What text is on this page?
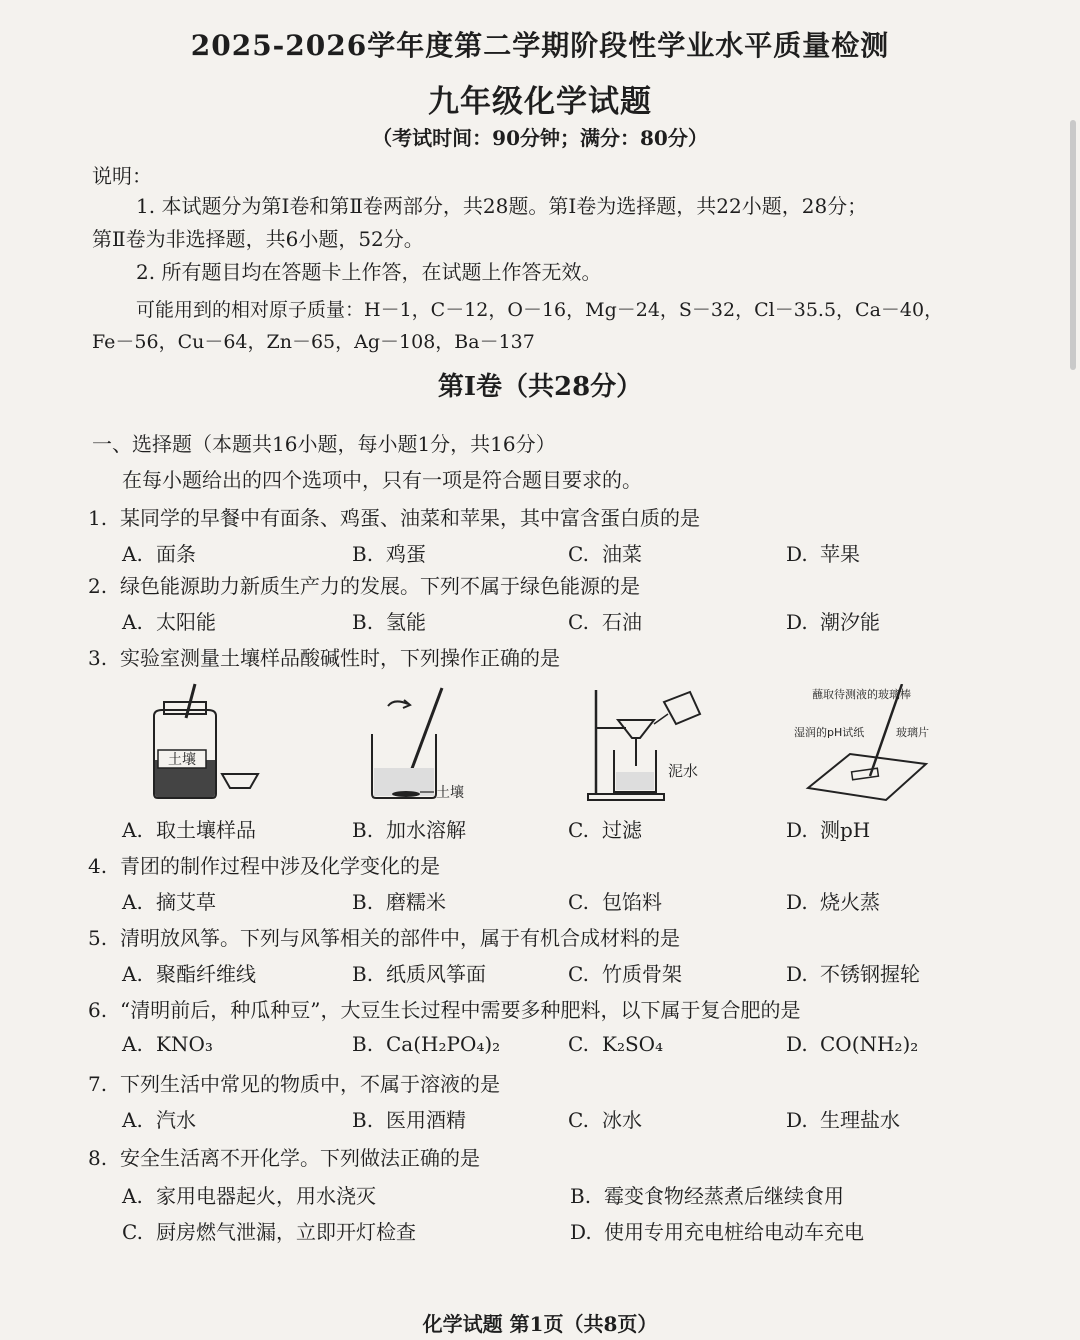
2025-2026学年度第二学期阶段性学业水平质量检测
九年级化学试题
（考试时间：90分钟；满分：80分）
说明：
1. 本试题分为第Ⅰ卷和第Ⅱ卷两部分，共28题。第Ⅰ卷为选择题，共22小题，28分；
第Ⅱ卷为非选择题，共6小题，52分。
2. 所有题目均在答题卡上作答，在试题上作答无效。
可能用到的相对原子质量：H－1，C－12，O－16，Mg－24，S－32，Cl－35.5，Ca－40，
Fe－56，Cu－64，Zn－65，Ag－108，Ba－137
第Ⅰ卷（共28分）
一、选择题（本题共16小题，每小题1分，共16分）
在每小题给出的四个选项中，只有一项是符合题目要求的。
1. 某同学的早餐中有面条、鸡蛋、油菜和苹果，其中富含蛋白质的是
A. 面条	B. 鸡蛋	C. 油菜	D. 苹果
2. 绿色能源助力新质生产力的发展。下列不属于绿色能源的是
A. 太阳能	B. 氢能	C. 石油	D. 潮汐能
3. 实验室测量土壤样品酸碱性时，下列操作正确的是
土壤
土壤
泥水
蘸取待测液的玻璃棒
湿润的pH试纸	玻璃片
A. 取土壤样品	B. 加水溶解	C. 过滤	D. 测pH
4. 青团的制作过程中涉及化学变化的是
A. 摘艾草	B. 磨糯米	C. 包馅料	D. 烧火蒸
5. 清明放风筝。下列与风筝相关的部件中，属于有机合成材料的是
A. 聚酯纤维线	B. 纸质风筝面	C. 竹质骨架	D. 不锈钢握轮
6. “清明前后，种瓜种豆”，大豆生长过程中需要多种肥料，以下属于复合肥的是
A. KNO₃	B. Ca(H₂PO₄)₂	C. K₂SO₄	D. CO(NH₂)₂
7. 下列生活中常见的物质中，不属于溶液的是
A. 汽水	B. 医用酒精	C. 冰水	D. 生理盐水
8. 安全生活离不开化学。下列做法正确的是
A. 家用电器起火，用水浇灭	B. 霉变食物经蒸煮后继续食用
C. 厨房燃气泄漏，立即开灯检查	D. 使用专用充电桩给电动车充电
化学试题 第1页（共8页）
